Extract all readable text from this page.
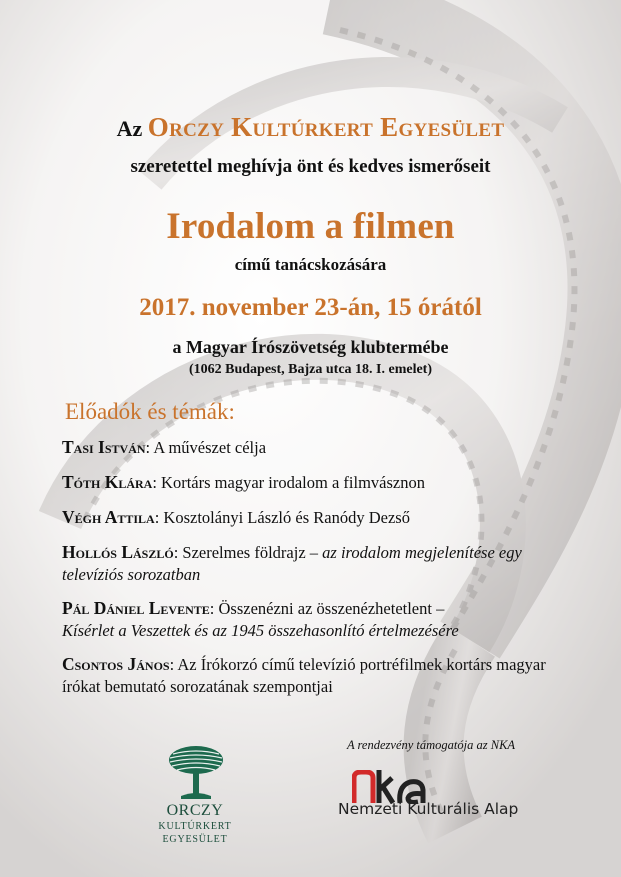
Az Orczy Kultúrkert Egyesület
szeretettel meghívja önt és kedves ismerőseit
Irodalom a filmen
című tanácskozására
2017. november 23-án, 15 órától
a Magyar Írószövetség klubtermébe
(1062 Budapest, Bajza utca 18. I. emelet)
Előadók és témák:
Tasi István: A művészet célja
Tóth Klára: Kortárs magyar irodalom a filmvásznon
Végh Attila: Kosztolányi László és Ranódy Dezső
Hollós László: Szerelmes földrajz – az irodalom megjelenítése egy televíziós sorozatban
Pál Dániel Levente: Összenézni az összenézhetetlent –
Kísérlet a Veszettek és az 1945 összehasonlító értelmezésére
Csontos János: Az Írókorzó című televízió portréfilmek kortárs magyar írókat bemutató sorozatának szempontjai
ORCZY
KULTÚRKERT
EGYESÜLET
A rendezvény támogatója az NKA
nka
Nemzeti Kulturális Alap
